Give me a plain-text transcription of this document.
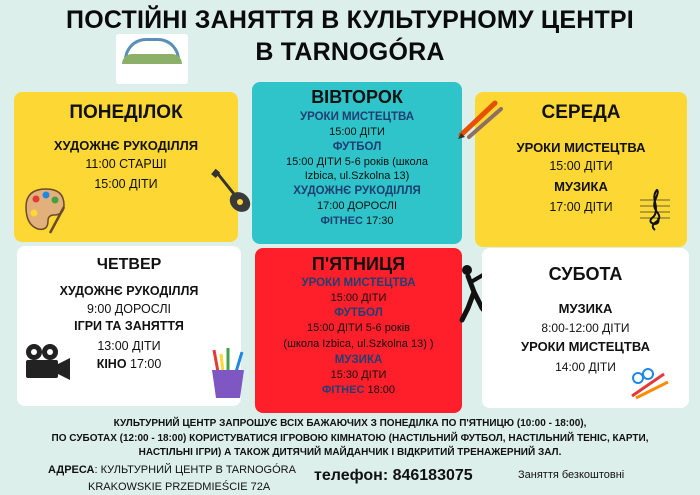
ПОСТІЙНІ ЗАНЯТТЯ В КУЛЬТУРНОМУ ЦЕНТРІ
В TARNOGÓRA
ПОНЕДІЛОК
ХУДОЖНЄ РУКОДІЛЛЯ
11:00 СТАРШІ
15:00 ДІТИ
ВІВТОРОК
УРОКИ МИСТЕЦТВА
15:00 ДІТИ
ФУТБОЛ
15:00 ДІТИ 5-6 років (школа
Izbica, ul.Szkolna 13)
ХУДОЖНЄ РУКОДІЛЛЯ
17:00 ДОРОСЛІ
ФІТНЕС 17:30
СЕРЕДА
УРОКИ МИСТЕЦТВА
15:00 ДІТИ
МУЗИКА
17:00 ДІТИ
ЧЕТВЕР
ХУДОЖНЄ РУКОДІЛЛЯ
9:00 ДОРОСЛІ
ІГРИ ТА ЗАНЯТТЯ
13:00 ДІТИ
КІНО 17:00
П'ЯТНИЦЯ
УРОКИ МИСТЕЦТВА
15:00 ДІТИ
ФУТБОЛ
15:00 ДІТИ 5-6 років
(школа Izbica, ul.Szkolna 13) )
МУЗИКА
15:30 ДІТИ
ФІТНЕС 18:00
СУБОТА
МУЗИКА
8:00-12:00 ДІТИ
УРОКИ МИСТЕЦТВА
14:00 ДІТИ
КУЛЬТУРНИЙ ЦЕНТР ЗАПРОШУЄ ВСІХ БАЖАЮЧИХ З ПОНЕДІЛКА ПО П'ЯТНИЦЮ (10:00 - 18:00),
ПО СУБОТАХ (12:00 - 18:00) КОРИСТУВАТИСЯ ІГРОВОЮ КІМНАТОЮ (НАСТІЛЬНИЙ ФУТБОЛ, НАСТІЛЬНИЙ ТЕНІС, КАРТИ,
НАСТІЛЬНІ ІГРИ) А ТАКОЖ ДИТЯЧИЙ МАЙДАНЧИК І ВІДКРИТИЙ ТРЕНАЖЕРНИЙ ЗАЛ.
АДРЕСА: КУЛЬТУРНИЙ ЦЕНТР В TARNOGÓRA
KRAKOWSKIE PRZEDMIEŚCIE 72A
телефон: 846183075	Заняття безкоштовні
